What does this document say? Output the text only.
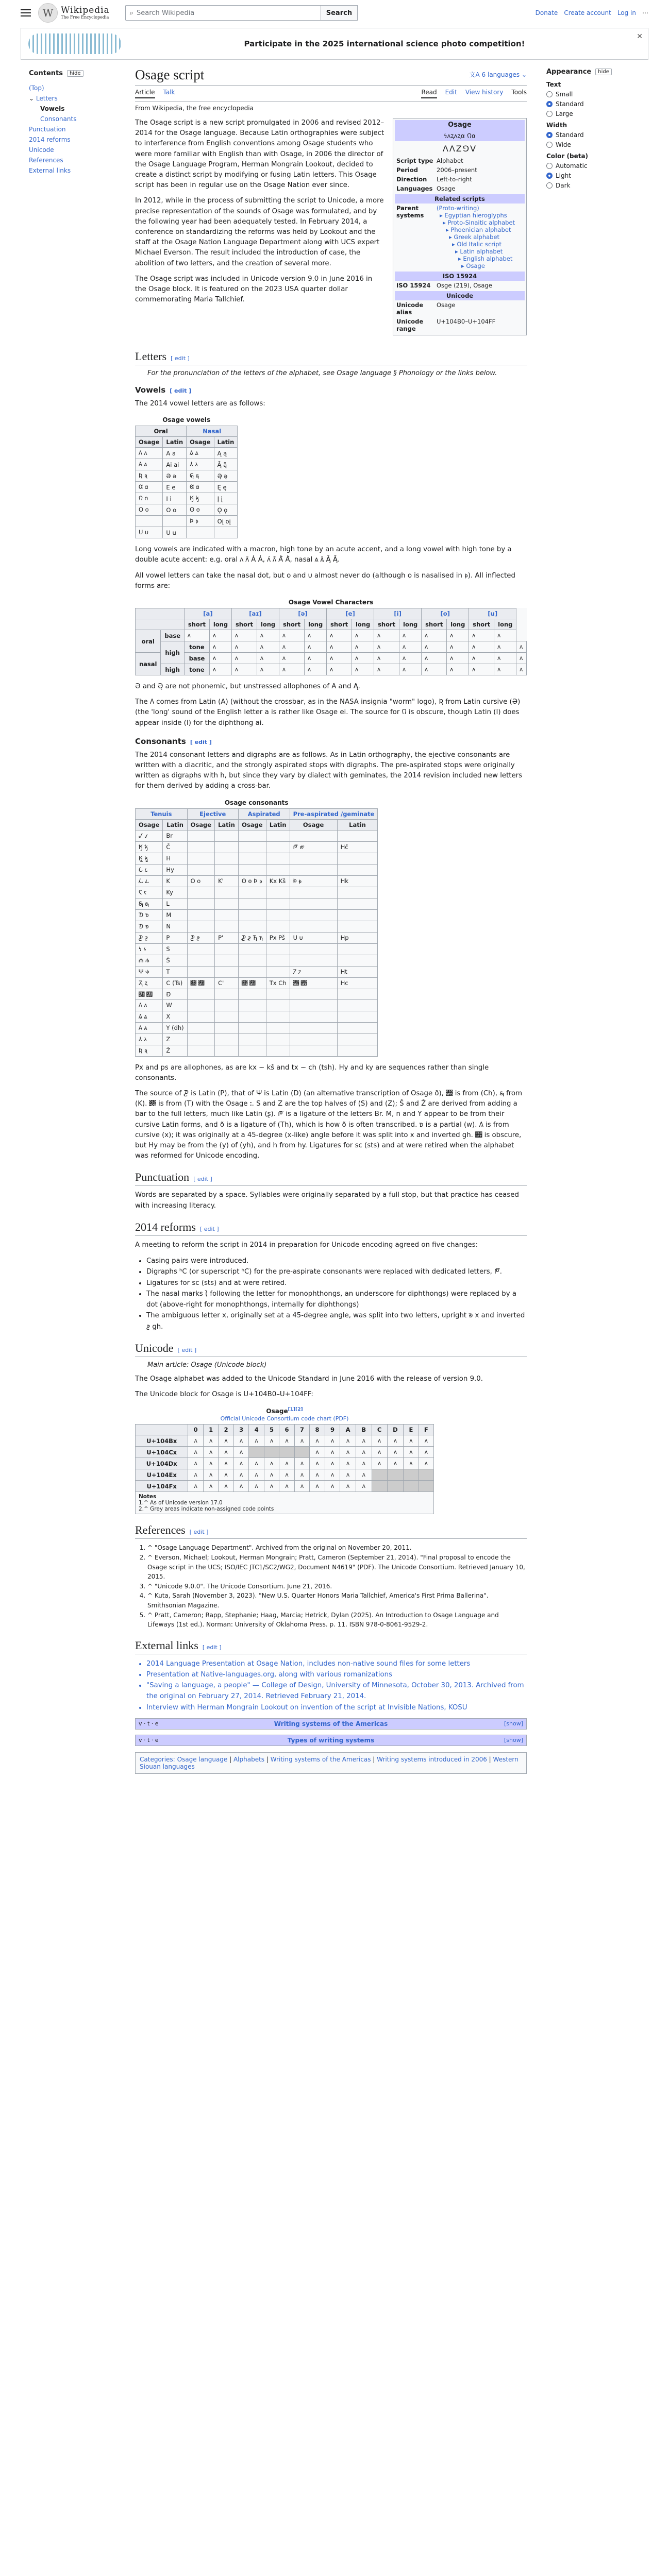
W Wikipedia
The Free Encyclopedia
⌕ Search Wikipedia	Search	Donate Create account Log in ⋯
Participate in the 2025 international science photo competition!
✕
Contents	hide
(Top)
⌄ Letters
Vowels
Consonants
Punctuation
2014 reforms
Unicode
References
External links
Osage script	文A 6 languages ⌄
Article Talk	Read Edit View history Tools
From Wikipedia, the free encyclopedia
Osage
𐓏𐓘𐓻𐓘𐓻𐓟 𐒻𐓟
ꓥꓥꓜꓨꓦ
Script type Alphabet
Period	2006–present
Direction	Left-to-right
Languages Osage
Related scripts
Parent systems
(Proto-writing)
▸ Egyptian hieroglyphs
▸ Proto-Sinaitic alphabet
▸ Phoenician alphabet
▸ Greek alphabet
▸ Old Italic script
▸ Latin alphabet
▸ English alphabet
▸ Osage
ISO 15924
ISO 15924	Osge (219), Osage
Unicode
Unicode alias
Osage
Unicode range
U+104B0–U+104FF

The Osage script is a new script promulgated in 2006 and revised 2012–2014 for the Osage language. Because Latin orthographies were subject to interference from English conventions among Osage students who were more familiar with English than with Osage, in 2006 the director of the Osage Language Program, Herman Mongrain Lookout, decided to create a distinct script by modifying or fusing Latin letters. This Osage script has been in regular use on the Osage Nation ever since.

In 2012, while in the process of submitting the script to Unicode, a more precise representation of the sounds of Osage was formulated, and by the following year had been adequately tested. In February 2014, a conference on standardizing the reforms was held by Lookout and the staff at the Osage Nation Language Department along with UCS expert Michael Everson. The result included the introduction of case, the abolition of two letters, and the creation of several more.

The Osage script was included in Unicode version 9.0 in June 2016 in the Osage block. It is featured on the 2023 USA quarter dollar commemorating Maria Tallchief.

Letters [ edit ]
For the pronunciation of the letters of the alphabet, see Osage language § Phonology or the links below.
Vowels [ edit ]

The 2014 vowel letters are as follows:

Osage vowels
Oral		Nasal	
Osage	Latin	Osage	Latin
𐒰 𐓘	A a	𐒱 𐓙	Ą ą
𐒲 𐓚	Ai ai	𐒳 𐓛	Ą̄ ą̄
𐒴 𐓜	Ə ə	𐒵 𐓝	Ə̨ ə̨
𐒷 𐓟	E e	𐒸 𐓠	Ę ę
𐒻 𐓣	I i	𐒼 𐓤	Į į
𐓂 𐓪	O o	𐓃 𐓫	Ǫ ǫ
		𐓄 𐓬	Oį oį
𐓎 𐓶	U u		

Long vowels are indicated with a macron, high tone by an acute accent, and a long vowel with high tone by a double acute accent: e.g. oral 𐓘 𐓘̄ Á Á, 𐓘́ 𐓘̄́ Á̄ Á̄, nasal 𐓙 𐓙̄ Ą̄ Ą̄.

All vowel letters can take the nasal dot, but 𐓪 and 𐓶 almost never do (although 𐓪 is nasalised in 𐓬). All inflected forms are:

Osage Vowel Characters
		[a]		[aɪ]		[ə]		[e]		[i]		[o]		[u]		
		short	long	short	long	short	long	short	long	short	long	short	long	short	long	
oral	base	𐓘	𐓘	𐓘	𐓘	𐓘	𐓘	𐓘	𐓘	𐓘	𐓘	𐓘	𐓘	𐓘	𐓘	
	high	tone	𐓘	𐓘	𐓘	𐓘	𐓘	𐓘	𐓘	𐓘	𐓘	𐓘	𐓘	𐓘	𐓘	𐓘
nasal		base	𐓘	𐓘	𐓘	𐓘	𐓘	𐓘	𐓘	𐓘	𐓘	𐓘	𐓘	𐓘	𐓘	𐓘
	high	tone	𐓘	𐓘	𐓘	𐓘	𐓘	𐓘	𐓘	𐓘	𐓘	𐓘	𐓘	𐓘	𐓘	𐓘

Ə and Ə̨ are not phonemic, but unstressed allophones of A and Ą.

The 𐒰 comes from Latin (A) (without the crossbar, as in the NASA insignia "worm" logo), 𐒴 from Latin cursive (Ə) (the 'long' sound of the English letter a is rather like Osage ei. The source for 𐒻 is obscure, though Latin (I) does appear inside (Ⅰ) for the diphthong ai.

Consonants [ edit ]

The 2014 consonant letters and digraphs are as follows. As in Latin orthography, the ejective consonants are written with a diacritic, and the strongly aspirated stops with digraphs. The pre-aspirated stops were originally written as digraphs with h, but since they vary by dialect with geminates, the 2014 revision included new letters for them derived by adding a cross-bar.

Osage consonants
Tenuis		Ejective		Aspirated		Pre-aspirated /geminate	
Osage	Latin	Osage	Latin	Osage	Latin	Osage	Latin
𐒹 𐓡	Br						
𐒽 𐓥	Č					𐓀 𐓨	Hč
𐒾 𐓦	H						
𐒿 𐓧	Hy						
𐓁 𐓩	K	𐓂 𐓪	K'	𐓃 𐓫 𐓄 𐓬	Kx Kš	𐓅 𐓭	Hk
𐓆 𐓮	Ky						
𐓇 𐓯	L						
𐓈 𐓰	M						
𐓉 𐓱	N						
𐓊 𐓲	P	𐓋 𐓳	P'	𐓌 𐓴 𐓍 𐓵	Px Pš	𐓎 𐓶	Hp
𐓏 𐓷	S						
𐓐 𐓸	Š						
𐓑 𐓹	T					𐓒 𐓺	Ht
𐓓 𐓻	C (Ts)	𐓔 𐓼	C'	𐓕 𐓽	Tx Ch	𐓖 𐓾	Hc
𐓗 𐓿	Ð						
𐒰 𐓘	W						
𐒱 𐓙	X						
𐒲 𐓚	Y (dh)						
𐒳 𐓛	Z						
𐒴 𐓜	Ž						

Px and ps are allophones, as are kx ~ kš and tx ~ ch (tsh). Hy and ky are sequences rather than single consonants.

The source of 𐓊 is Latin (P), that of 𐓑 is Latin (D) (an alternative transcription of Osage ð), 𐓽 is from (Ch), 𐓯 from (K). 𐓕 is from (T) with the Osage ꓽ. S and Z are the top halves of (S) and (Z); Š and Ž are derived from adding a bar to the full letters, much like Latin (ʂ). 𐓀 is a ligature of the letters Br. M, n and Y appear to be from their cursive Latin forms, and ð is a ligature of (Th), which is how ð is often transcribed. 𐓱 is a partial (w). 𐒱 is from cursive (x); it was originally at a 45-degree (x-like) angle before it was split into x and inverted gh. 𐓿 is obscure, but Hy may be from the (y) of (yh), and h from hy. Ligatures for sc (sts) and at were retired when the alphabet was reformed for Unicode encoding.

Punctuation [ edit ]

Words are separated by a space. Syllables were originally separated by a full stop, but that practice has ceased with increasing literacy.

2014 reforms [ edit ]

A meeting to reform the script in 2014 in preparation for Unicode encoding agreed on five changes:

• Casing pairs were introduced.
• Digraphs ʰC (or superscript ʰC) for the pre-aspirate consonants were replaced with dedicated letters, 𐓀.
• Ligatures for sc (sts) and at were retired.
• The nasal marks (̈ following the letter for monophthongs, an underscore for diphthongs) were replaced by a dot (above-right for monophthongs, internally for diphthongs)
• The ambiguous letter x, originally set at a 45-degree angle, was split into two letters, upright 𐓱 x and inverted 𐓲 gh.
Unicode [ edit ]
Main article: Osage (Unicode block)

The Osage alphabet was added to the Unicode Standard in June 2016 with the release of version 9.0.

The Unicode block for Osage is U+104B0–U+104FF:

Osage[1][2]
Official Unicode Consortium code chart (PDF)
	0	1	2	3	4	5	6	7	8	9	A	B	C	D	E	F
U+104Bx	𐓘	𐓘	𐓘	𐓘	𐓘	𐓘	𐓘	𐓘	𐓘	𐓘	𐓘	𐓘	𐓘	𐓘	𐓘	𐓘
U+104Cx	𐓘	𐓘	𐓘	𐓘					𐓘	𐓘	𐓘	𐓘	𐓘	𐓘	𐓘	𐓘
U+104Dx	𐓘	𐓘	𐓘	𐓘	𐓘	𐓘	𐓘	𐓘	𐓘	𐓘	𐓘	𐓘	𐓘	𐓘	𐓘	𐓘
U+104Ex	𐓘	𐓘	𐓘	𐓘	𐓘	𐓘	𐓘	𐓘	𐓘	𐓘	𐓘	𐓘				
U+104Fx	𐓘	𐓘	𐓘	𐓘	𐓘	𐓘	𐓘	𐓘	𐓘	𐓘	𐓘	𐓘				
Notes
1.^ As of Unicode version 17.0
2.^ Grey areas indicate non-assigned code points																
References [ edit ]
1. ^ "Osage Language Department". Archived from the original on November 20, 2011.
2. ^ Everson, Michael; Lookout, Herman Mongrain; Pratt, Cameron (September 21, 2014). "Final proposal to encode the Osage script in the UCS; ISO/IEC JTC1/SC2/WG2, Document N4619" (PDF). The Unicode Consortium. Retrieved January 10, 2015.
3. ^ "Unicode 9.0.0". The Unicode Consortium. June 21, 2016.
4. ^ Kuta, Sarah (November 3, 2023). "New U.S. Quarter Honors Maria Tallchief, America's First Prima Ballerina". Smithsonian Magazine.
5. ^ Pratt, Cameron; Rapp, Stephanie; Haag, Marcia; Hetrick, Dylan (2025). An Introduction to Osage Language and Lifeways (1st ed.). Norman: University of Oklahoma Press. p. 11. ISBN 978-0-8061-9529-2.
External links [ edit ]
• 2014 Language Presentation at Osage Nation, includes non-native sound files for some letters
• Presentation at Native-languages.org, along with various romanizations
• "Saving a language, a people" — College of Design, University of Minnesota, October 30, 2013. Archived from the original on February 27, 2014. Retrieved February 21, 2014.
• Interview with Herman Mongrain Lookout on invention of the script at Invisible Nations, KOSU
v · t · e	Writing systems of the Americas	[show]
v · t · e	Types of writing systems	[show]
Categories: Osage language | Alphabets | Writing systems of the Americas | Writing systems introduced in 2006 | Western Siouan languages
Appearance	hide
Text
Small
Standard
Large
Width
Standard
Wide
Color (beta)
Automatic
Light
Dark
